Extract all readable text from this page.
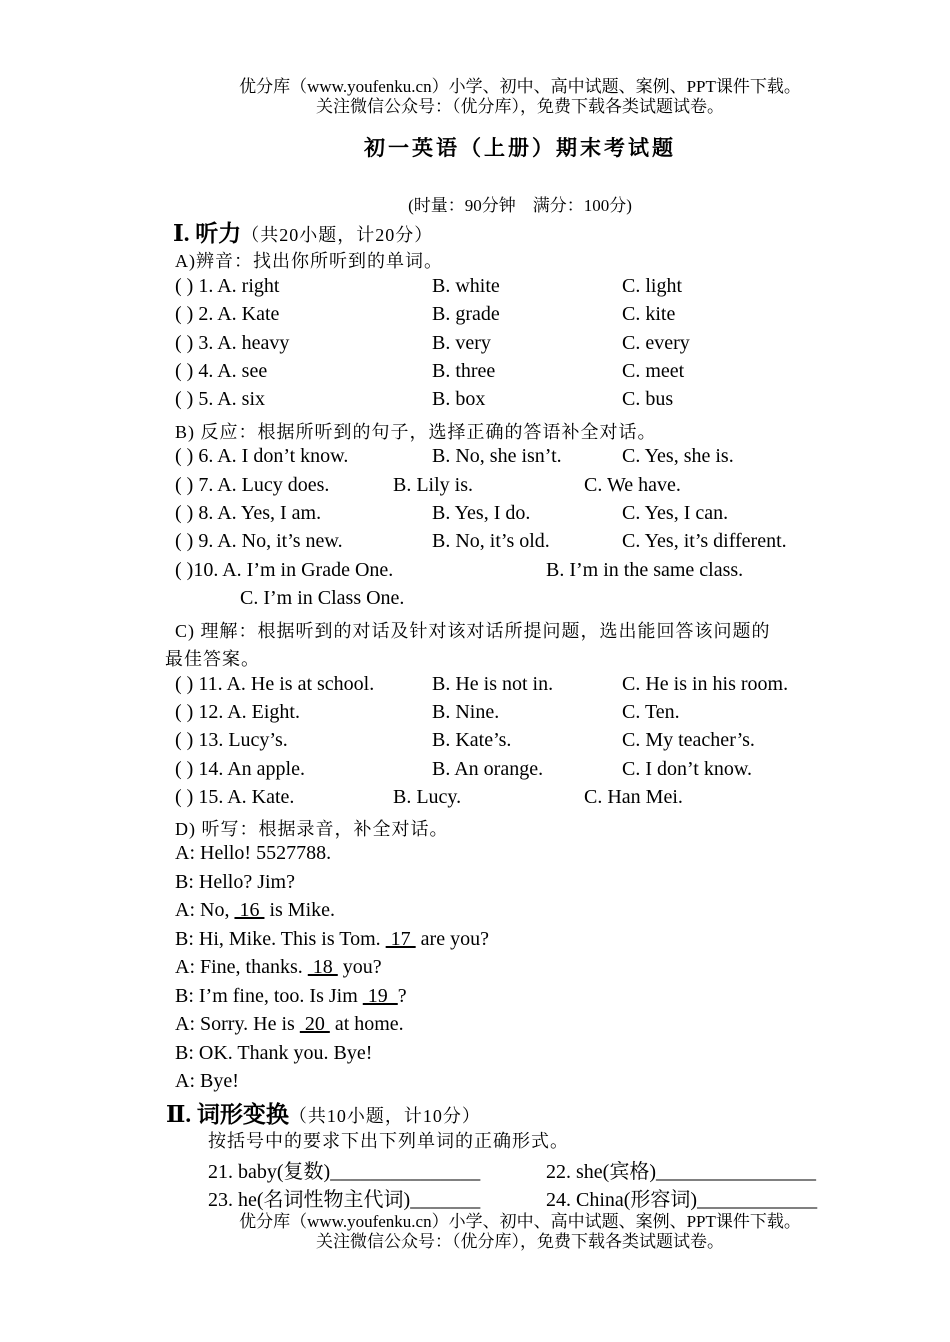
优分库（www.youfenku.cn）小学、初中、高中试题、案例、PPT课件下载。
关注微信公众号：（优分库），免费下载各类试题试卷。
初一英语（上册）期末考试题
(时量：90分钟　满分：100分)
Ⅰ. 听力（共20小题，计20分）
A)辨音：找出你所听到的单词。
( ) 1. A. right	B. white	C. light
( ) 2. A. Kate	B. grade	C. kite
( ) 3. A. heavy	B. very	C. every
( ) 4. A. see	B. three	C. meet
( ) 5. A. six	B. box	C. bus
B) 反应：根据所听到的句子，选择正确的答语补全对话。
( ) 6. A. I don’t know.	B. No, she isn’t.	C. Yes, she is.
( ) 7. A. Lucy does.	B. Lily is.	C. We have.
( ) 8. A. Yes, I am.	B. Yes, I do.	C. Yes, I can.
( ) 9. A. No, it’s new.	B. No, it’s old.	C. Yes, it’s different.
( )10. A. I’m in Grade One.	B. I’m in the same class.
C. I’m in Class One.
C) 理解：根据听到的对话及针对该对话所提问题，选出能回答该问题的
最佳答案。
( ) 11. A. He is at school.	B. He is not in.	C. He is in his room.
( ) 12. A. Eight.	B. Nine.	C. Ten.
( ) 13. Lucy’s.	B. Kate’s.	C. My teacher’s.
( ) 14. An apple.	B. An orange.	C. I don’t know.
( ) 15. A. Kate.	B. Lucy.	C. Han Mei.
D) 听写：根据录音，补全对话。
A: Hello! 5527788.
B: Hello? Jim?
A: No,  16  is Mike.
B: Hi, Mike. This is Tom.  17  are you?
A: Fine, thanks.  18  you?
B: I’m fine, too. Is Jim  19  ?
A: Sorry. He is  20  at home.
B: OK. Thank you. Bye!
A: Bye!
Ⅱ. 词形变换（共10小题，计10分）
按括号中的要求下出下列单词的正确形式。
21. baby(复数)_______________	22. she(宾格)________________
23. he(名词性物主代词)_______	24. China(形容词)____________
优分库（www.youfenku.cn）小学、初中、高中试题、案例、PPT课件下载。
关注微信公众号：（优分库），免费下载各类试题试卷。
